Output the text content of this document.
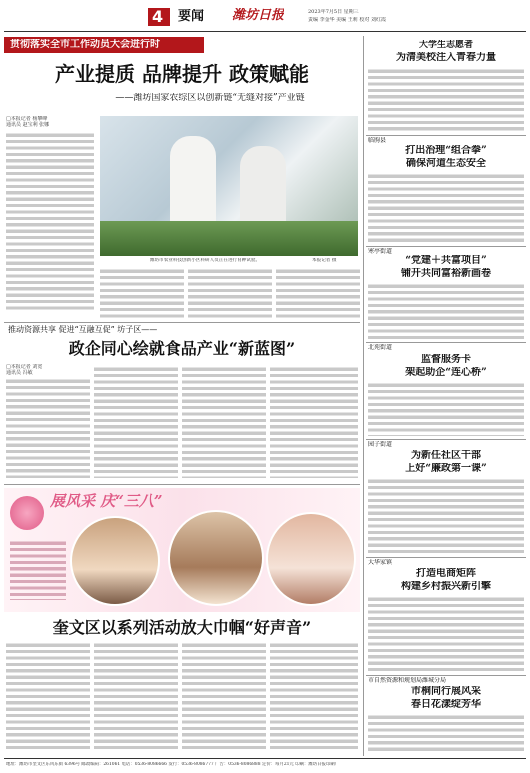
4 要闻 潍坊日报	2023年7月5日 星期三
责编 李金华 美编 王莉 校对 刘红霞
贯彻落实全市工作动员大会进行时
产业提质 品牌提升 政策赋能
——潍坊国家农综区以创新链“无缝对接”产业链
□本报记者 杨攀峰
通讯员 赵宝利 张娜
潍坊市农业科技创新小区科研人员正在进行育种试验。	本报记者 摄
推动资源共享 促进“互融互促” 坊子区——
政企同心绘就食品产业“新蓝图”
□本报记者 刘宽
通讯员 冯敏
展风采 庆“三八”
奎文区以系列活动放大巾帼“好声音”
大学生志愿者
为清美校注入青春力量
临朐县
打出治理“组合拳”
确保河道生态安全
寒亭街道
“党建＋共富项目”
铺开共同富裕新画卷
北苑街道
监督服务卡
架起助企“连心桥”
园子街道
为新任社区干部
上好“廉政第一课”
大华家镇
打造电商矩阵
构建乡村振兴新引擎
市自然资源和规划局潍城分局
市桐同行展风采
春日花漾绽芳华
地址：潍坊市奎文区东风东街 6396号 邮政编码：261061 电话：0536-8086666 发行：0536-8086777 广告：0536-8086888 定价：每月21元 印刷：潍坊日报印刷厂
